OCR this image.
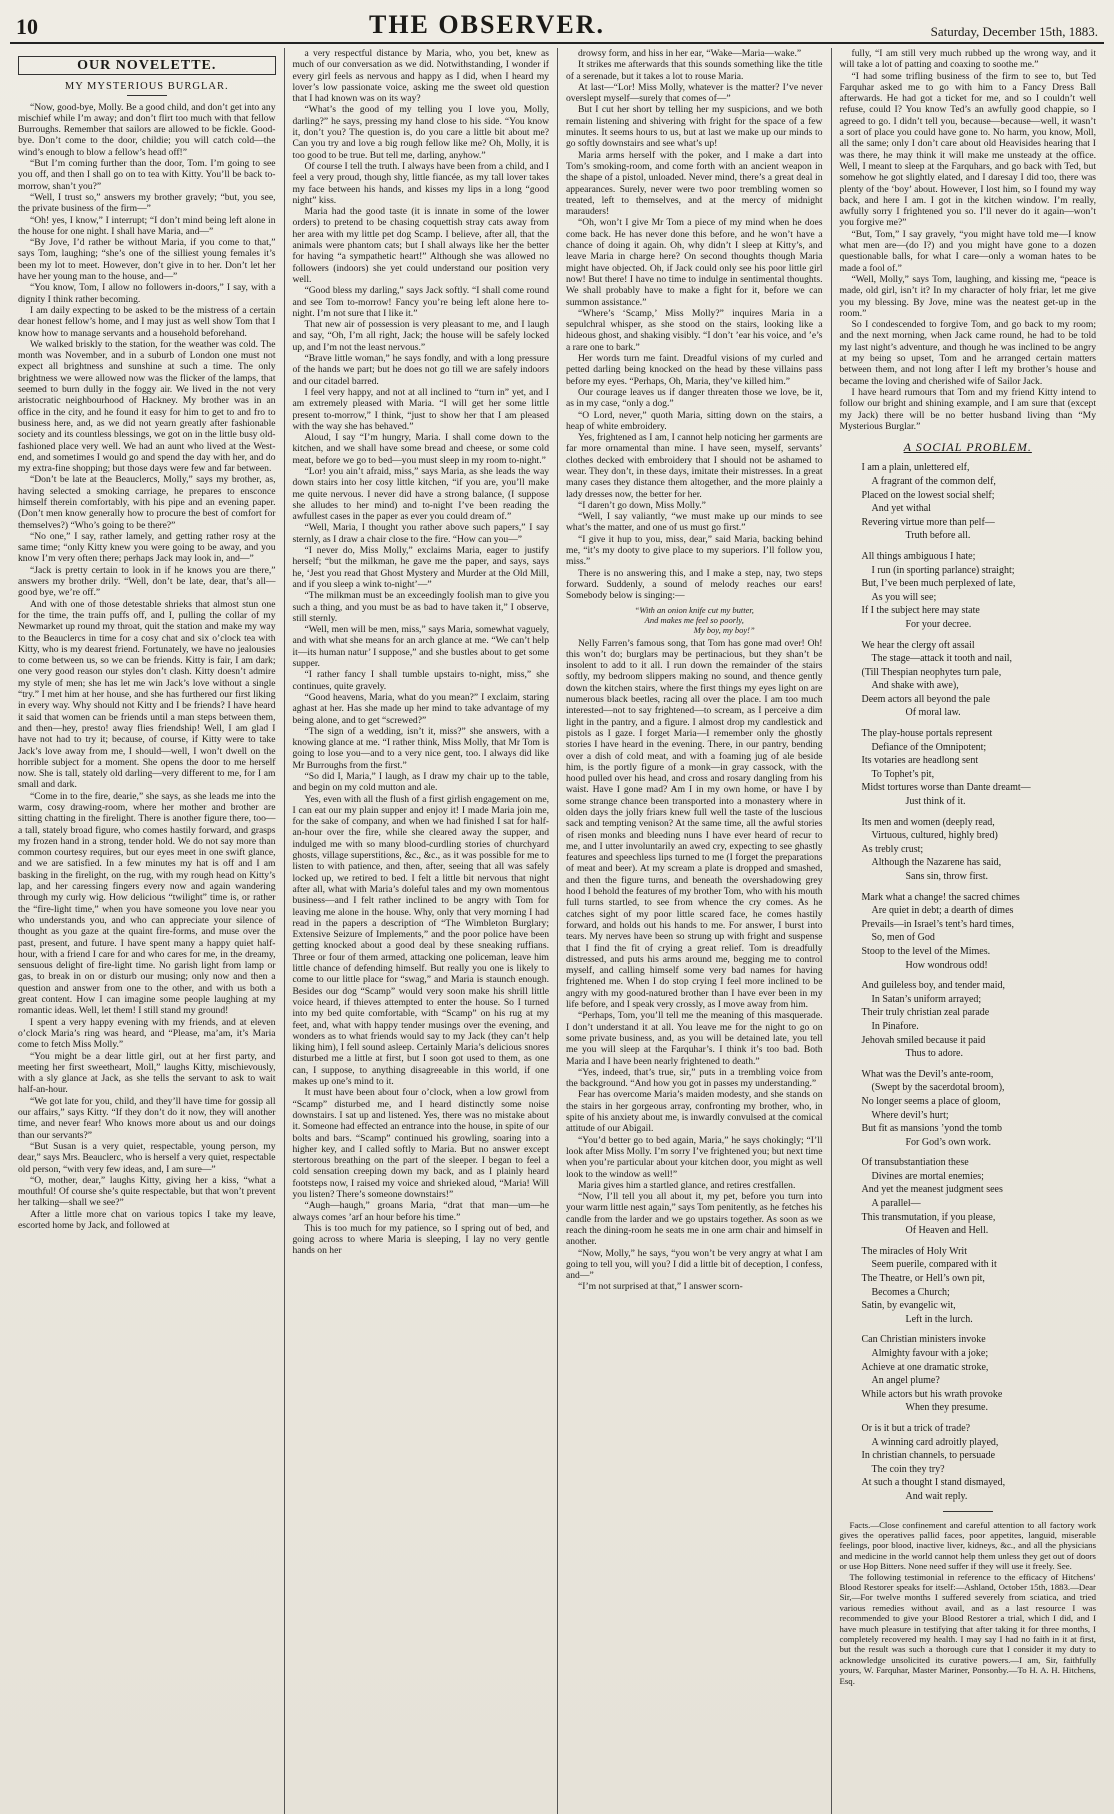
10	THE OBSERVER.	Saturday, December 15th, 1883.
OUR NOVELETTE.
MY MYSTERIOUS BURGLAR.

“Now, good-bye, Molly. Be a good child, and don’t get into any mischief while I’m away; and don’t flirt too much with that fellow Burroughs. Remember that sailors are allowed to be fickle. Good-bye. Don’t come to the door, childie; you will catch cold—the wind’s enough to blow a fellow’s head off!”

“But I’m coming further than the door, Tom. I’m going to see you off, and then I shall go on to tea with Kitty. You’ll be back to-morrow, shan’t you?”

“Well, I trust so,” answers my brother gravely; “but, you see, the private business of the firm—”

“Oh! yes, I know,” I interrupt; “I don’t mind being left alone in the house for one night. I shall have Maria, and—”

“By Jove, I’d rather be without Maria, if you come to that,” says Tom, laughing; “she’s one of the silliest young females it’s been my lot to meet. However, don’t give in to her. Don’t let her have her young man to the house, and—”

“You know, Tom, I allow no followers in-doors,” I say, with a dignity I think rather becoming.

I am daily expecting to be asked to be the mistress of a certain dear honest fellow’s home, and I may just as well show Tom that I know how to manage servants and a household beforehand.

We walked briskly to the station, for the weather was cold. The month was November, and in a suburb of London one must not expect all brightness and sunshine at such a time. The only brightness we were allowed now was the flicker of the lamps, that seemed to burn dully in the foggy air. We lived in the not very aristocratic neighbourhood of Hackney. My brother was in an office in the city, and he found it easy for him to get to and fro to business here, and, as we did not yearn greatly after fashionable society and its countless blessings, we got on in the little busy old-fashioned place very well. We had an aunt who lived at the West-end, and sometimes I would go and spend the day with her, and do my extra-fine shopping; but those days were few and far between.

“Don’t be late at the Beauclercs, Molly,” says my brother, as, having selected a smoking carriage, he prepares to ensconce himself therein comfortably, with his pipe and an evening paper. (Don’t men know generally how to procure the best of comfort for themselves?) “Who’s going to be there?”

“No one,” I say, rather lamely, and getting rather rosy at the same time; “only Kitty knew you were going to be away, and you know I’m very often there; perhaps Jack may look in, and—”

“Jack is pretty certain to look in if he knows you are there,” answers my brother drily. “Well, don’t be late, dear, that’s all—good bye, we’re off.”

And with one of those detestable shrieks that almost stun one for the time, the train puffs off, and I, pulling the collar of my Newmarket up round my throat, quit the station and make my way to the Beauclercs in time for a cosy chat and six o’clock tea with Kitty, who is my dearest friend. Fortunately, we have no jealousies to come between us, so we can be friends. Kitty is fair, I am dark; one very good reason our styles don’t clash. Kitty doesn’t admire my style of men; she has let me win Jack’s love without a single “try.” I met him at her house, and she has furthered our first liking in every way. Why should not Kitty and I be friends? I have heard it said that women can be friends until a man steps between them, and then—hey, presto! away flies friendship! Well, I am glad I have not had to try it; because, of course, if Kitty were to take Jack’s love away from me, I should—well, I won’t dwell on the horrible subject for a moment. She opens the door to me herself now. She is tall, stately old darling—very different to me, for I am small and dark.

“Come in to the fire, dearie,” she says, as she leads me into the warm, cosy drawing-room, where her mother and brother are sitting chatting in the firelight. There is another figure there, too—a tall, stately broad figure, who comes hastily forward, and grasps my frozen hand in a strong, tender hold. We do not say more than common courtesy requires, but our eyes meet in one swift glance, and we are satisfied. In a few minutes my hat is off and I am basking in the firelight, on the rug, with my rough head on Kitty’s lap, and her caressing fingers every now and again wandering through my curly wig. How delicious “twilight” time is, or rather the “fire-light time,” when you have someone you love near you who understands you, and who can appreciate your silence of thought as you gaze at the quaint fire-forms, and muse over the past, present, and future. I have spent many a happy quiet half-hour, with a friend I care for and who cares for me, in the dreamy, sensuous delight of fire-light time. No garish light from lamp or gas, to break in on or disturb our musing; only now and then a question and answer from one to the other, and with us both a great content. How I can imagine some people laughing at my romantic ideas. Well, let them! I still stand my ground!

I spent a very happy evening with my friends, and at eleven o’clock Maria’s ring was heard, and “Please, ma’am, it’s Maria come to fetch Miss Molly.”

“You might be a dear little girl, out at her first party, and meeting her first sweetheart, Moll,” laughs Kitty, mischievously, with a sly glance at Jack, as she tells the servant to ask to wait half-an-hour.

“We got late for you, child, and they’ll have time for gossip all our affairs,” says Kitty. “If they don’t do it now, they will another time, and never fear! Who knows more about us and our doings than our servants?”

“But Susan is a very quiet, respectable, young person, my dear,” says Mrs. Beauclerc, who is herself a very quiet, respectable old person, “with very few ideas, and, I am sure—”

“O, mother, dear,” laughs Kitty, giving her a kiss, “what a mouthful! Of course she’s quite respectable, but that won’t prevent her talking—shall we see?”

After a little more chat on various topics I take my leave, escorted home by Jack, and followed at

a very respectful distance by Maria, who, you bet, knew as much of our conversation as we did. Notwithstanding, I wonder if every girl feels as nervous and happy as I did, when I heard my lover’s low passionate voice, asking me the sweet old question that I had known was on its way?

“What’s the good of my telling you I love you, Molly, darling?” he says, pressing my hand close to his side. “You know it, don’t you? The question is, do you care a little bit about me? Can you try and love a big rough fellow like me? Oh, Molly, it is too good to be true. But tell me, darling, anyhow.”

Of course I tell the truth. I always have been from a child, and I feel a very proud, though shy, little fiancée, as my tall lover takes my face between his hands, and kisses my lips in a long “good night” kiss.

Maria had the good taste (it is innate in some of the lower orders) to pretend to be chasing coquettish stray cats away from her area with my little pet dog Scamp. I believe, after all, that the animals were phantom cats; but I shall always like her the better for having “a sympathetic heart!” Although she was allowed no followers (indoors) she yet could understand our position very well.

“Good bless my darling,” says Jack softly. “I shall come round and see Tom to-morrow! Fancy you’re being left alone here to-night. I’m not sure that I like it.”

That new air of possession is very pleasant to me, and I laugh and say, “Oh, I’m all right, Jack; the house will be safely locked up, and I’m not the least nervous.”

“Brave little woman,” he says fondly, and with a long pressure of the hands we part; but he does not go till we are safely indoors and our citadel barred.

I feel very happy, and not at all inclined to “turn in” yet, and I am extremely pleased with Maria. “I will get her some little present to-morrow,” I think, “just to show her that I am pleased with the way she has behaved.”

Aloud, I say “I’m hungry, Maria. I shall come down to the kitchen, and we shall have some bread and cheese, or some cold meat, before we go to bed—you must sleep in my room to-night.”

“Lor! you ain’t afraid, miss,” says Maria, as she leads the way down stairs into her cosy little kitchen, “if you are, you’ll make me quite nervous. I never did have a strong balance, (I suppose she alludes to her mind) and to-night I’ve been reading the awfullest cases in the paper as ever you could dream of.”

“Well, Maria, I thought you rather above such papers,” I say sternly, as I draw a chair close to the fire. “How can you—”

“I never do, Miss Molly,” exclaims Maria, eager to justify herself; “but the milkman, he gave me the paper, and says, says he, ‘Jest you read that Ghost Mystery and Murder at the Old Mill, and if you sleep a wink to-night’—”

“The milkman must be an exceedingly foolish man to give you such a thing, and you must be as bad to have taken it,” I observe, still sternly.

“Well, men will be men, miss,” says Maria, somewhat vaguely, and with what she means for an arch glance at me. “We can’t help it—its human natur’ I suppose,” and she bustles about to get some supper.

“I rather fancy I shall tumble upstairs to-night, miss,” she continues, quite gravely.

“Good heavens, Maria, what do you mean?” I exclaim, staring aghast at her. Has she made up her mind to take advantage of my being alone, and to get “screwed?”

“The sign of a wedding, isn’t it, miss?” she answers, with a knowing glance at me. “I rather think, Miss Molly, that Mr Tom is going to lose you—and to a very nice gent, too. I always did like Mr Burroughs from the first.”

“So did I, Maria,” I laugh, as I draw my chair up to the table, and begin on my cold mutton and ale.

Yes, even with all the flush of a first girlish engagement on me, I can eat our my plain supper and enjoy it! I made Maria join me, for the sake of company, and when we had finished I sat for half-an-hour over the fire, while she cleared away the supper, and indulged me with so many blood-curdling stories of churchyard ghosts, village superstitions, &c., &c., as it was possible for me to listen to with patience, and then, after, seeing that all was safely locked up, we retired to bed. I felt a little bit nervous that night after all, what with Maria’s doleful tales and my own momentous business—and I felt rather inclined to be angry with Tom for leaving me alone in the house. Why, only that very morning I had read in the papers a description of “The Wimbleton Burglary; Extensive Seizure of Implements,” and the poor police have been getting knocked about a good deal by these sneaking ruffians. Three or four of them armed, attacking one policeman, leave him little chance of defending himself. But really you one is likely to come to our little place for “swag,” and Maria is staunch enough. Besides our dog “Scamp” would very soon make his shrill little voice heard, if thieves attempted to enter the house. So I turned into my bed quite comfortable, with “Scamp” on his rug at my feet, and, what with happy tender musings over the evening, and wonders as to what friends would say to my Jack (they can’t help liking him), I fell sound asleep. Certainly Maria’s delicious snores disturbed me a little at first, but I soon got used to them, as one can, I suppose, to anything disagreeable in this world, if one makes up one’s mind to it.

It must have been about four o’clock, when a low growl from “Scamp” disturbed me, and I heard distinctly some noise downstairs. I sat up and listened. Yes, there was no mistake about it. Someone had effected an entrance into the house, in spite of our bolts and bars. “Scamp” continued his growling, soaring into a higher key, and I called softly to Maria. But no answer except stertorous breathing on the part of the sleeper. I began to feel a cold sensation creeping down my back, and as I plainly heard footsteps now, I raised my voice and shrieked aloud, “Maria! Will you listen? There’s someone downstairs!”

“Augh—haugh,” groans Maria, “drat that man—um—he always comes ’arf an hour before his time.”

This is too much for my patience, so I spring out of bed, and going across to where Maria is sleeping, I lay no very gentle hands on her

drowsy form, and hiss in her ear, “Wake—Maria—wake.”

It strikes me afterwards that this sounds something like the title of a serenade, but it takes a lot to rouse Maria.

At last—“Lor! Miss Molly, whatever is the matter? I’ve never overslept myself—surely that comes of—”

But I cut her short by telling her my suspicions, and we both remain listening and shivering with fright for the space of a few minutes. It seems hours to us, but at last we make up our minds to go softly downstairs and see what’s up!

Maria arms herself with the poker, and I make a dart into Tom’s smoking-room, and come forth with an ancient weapon in the shape of a pistol, unloaded. Never mind, there’s a great deal in appearances. Surely, never were two poor trembling women so treated, left to themselves, and at the mercy of midnight marauders!

“Oh, won’t I give Mr Tom a piece of my mind when he does come back. He has never done this before, and he won’t have a chance of doing it again. Oh, why didn’t I sleep at Kitty’s, and leave Maria in charge here? On second thoughts though Maria might have objected. Oh, if Jack could only see his poor little girl now! But there! I have no time to indulge in sentimental thoughts. We shall probably have to make a fight for it, before we can summon assistance.”

“Where’s ‘Scamp,’ Miss Molly?” inquires Maria in a sepulchral whisper, as she stood on the stairs, looking like a hideous ghost, and shaking visibly. “I don’t ’ear his voice, and ’e’s a rare one to bark.”

Her words turn me faint. Dreadful visions of my curled and petted darling being knocked on the head by these villains pass before my eyes. “Perhaps, Oh, Maria, they’ve killed him.”

Our courage leaves us if danger threaten those we love, be it, as in my case, “only a dog.”

“O Lord, never,” quoth Maria, sitting down on the stairs, a heap of white embroidery.

Yes, frightened as I am, I cannot help noticing her garments are far more ornamental than mine. I have seen, myself, servants’ clothes decked with embroidery that I should not be ashamed to wear. They don’t, in these days, imitate their mistresses. In a great many cases they distance them altogether, and the more plainly a lady dresses now, the better for her.

“I daren’t go down, Miss Molly.”

“Well, I say valiantly, “we must make up our minds to see what’s the matter, and one of us must go first.”

“I give it hup to you, miss, dear,” said Maria, backing behind me, “it’s my dooty to give place to my superiors. I’ll follow you, miss.”

There is no answering this, and I make a step, nay, two steps forward. Suddenly, a sound of melody reaches our ears! Somebody below is singing:—

“With an onion knife cut my butter,
And makes me feel so poorly,
My boy, my boy!”

Nelly Farren’s famous song, that Tom has gone mad over! Oh! this won’t do; burglars may be pertinacious, but they shan’t be insolent to add to it all. I run down the remainder of the stairs softly, my bedroom slippers making no sound, and thence gently down the kitchen stairs, where the first things my eyes light on are numerous black beetles, racing all over the place. I am too much interested—not to say frightened—to scream, as I perceive a dim light in the pantry, and a figure. I almost drop my candlestick and pistols as I gaze. I forget Maria—I remember only the ghostly stories I have heard in the evening. There, in our pantry, bending over a dish of cold meat, and with a foaming jug of ale beside him, is the portly figure of a monk—in gray cassock, with the hood pulled over his head, and cross and rosary dangling from his waist. Have I gone mad? Am I in my own home, or have I by some strange chance been transported into a monastery where in olden days the jolly friars knew full well the taste of the luscious sack and tempting venison? At the same time, all the awful stories of risen monks and bleeding nuns I have ever heard of recur to me, and I utter involuntarily an awed cry, expecting to see ghastly features and speechless lips turned to me (I forget the preparations of meat and beer). At my scream a plate is dropped and smashed, and then the figure turns, and beneath the overshadowing grey hood I behold the features of my brother Tom, who with his mouth full turns startled, to see from whence the cry comes. As he catches sight of my poor little scared face, he comes hastily forward, and holds out his hands to me. For answer, I burst into tears. My nerves have been so strung up with fright and suspense that I find the fit of crying a great relief. Tom is dreadfully distressed, and puts his arms around me, begging me to control myself, and calling himself some very bad names for having frightened me. When I do stop crying I feel more inclined to be angry with my good-natured brother than I have ever been in my life before, and I speak very crossly, as I move away from him.

“Perhaps, Tom, you’ll tell me the meaning of this masquerade. I don’t understand it at all. You leave me for the night to go on some private business, and, as you will be detained late, you tell me you will sleep at the Farquhar’s. I think it’s too bad. Both Maria and I have been nearly frightened to death.”

“Yes, indeed, that’s true, sir,” puts in a trembling voice from the background. “And how you got in passes my understanding.”

Fear has overcome Maria’s maiden modesty, and she stands on the stairs in her gorgeous array, confronting my brother, who, in spite of his anxiety about me, is inwardly convulsed at the comical attitude of our Abigail.

“You’d better go to bed again, Maria,” he says chokingly; “I’ll look after Miss Molly. I’m sorry I’ve frightened you; but next time when you’re particular about your kitchen door, you might as well look to the window as well!”

Maria gives him a startled glance, and retires crestfallen.

“Now, I’ll tell you all about it, my pet, before you turn into your warm little nest again,” says Tom penitently, as he fetches his candle from the larder and we go upstairs together. As soon as we reach the dining-room he seats me in one arm chair and himself in another.

“Now, Molly,” he says, “you won’t be very angry at what I am going to tell you, will you? I did a little bit of deception, I confess, and—”

“I’m not surprised at that,” I answer scorn-

fully, “I am still very much rubbed up the wrong way, and it will take a lot of patting and coaxing to soothe me.”

“I had some trifling business of the firm to see to, but Ted Farquhar asked me to go with him to a Fancy Dress Ball afterwards. He had got a ticket for me, and so I couldn’t well refuse, could I? You know Ted’s an awfully good chappie, so I agreed to go. I didn’t tell you, because—because—well, it wasn’t a sort of place you could have gone to. No harm, you know, Moll, all the same; only I don’t care about old Heavisides hearing that I was there, he may think it will make me unsteady at the office. Well, I meant to sleep at the Farquhars, and go back with Ted, but somehow he got slightly elated, and I daresay I did too, there was plenty of the ‘boy’ about. However, I lost him, so I found my way back, and here I am. I got in the kitchen window. I’m really, awfully sorry I frightened you so. I’ll never do it again—won’t you forgive me?”

“But, Tom,” I say gravely, “you might have told me—I know what men are—(do I?) and you might have gone to a dozen questionable balls, for what I care—only a woman hates to be made a fool of.”

“Well, Molly,” says Tom, laughing, and kissing me, “peace is made, old girl, isn’t it? In my character of holy friar, let me give you my blessing. By Jove, mine was the neatest get-up in the room.”

So I condescended to forgive Tom, and go back to my room; and the next morning, when Jack came round, he had to be told my last night’s adventure, and though he was inclined to be angry at my being so upset, Tom and he arranged certain matters between them, and not long after I left my brother’s house and became the loving and cherished wife of Sailor Jack.

I have heard rumours that Tom and my friend Kitty intend to follow our bright and shining example, and I am sure that (except my Jack) there will be no better husband living than “My Mysterious Burglar.”

A SOCIAL PROBLEM.
I am a plain, unlettered elf,
A fragrant of the common delf,
Placed on the lowest social shelf;
And yet withal
Revering virtue more than pelf—
Truth before all.
All things ambiguous I hate;
I run (in sporting parlance) straight;
But, I’ve been much perplexed of late,
As you will see;
If I the subject here may state
For your decree.
We hear the clergy oft assail
The stage—attack it tooth and nail,
(Till Thespian neophytes turn pale,
And shake with awe),
Deem actors all beyond the pale
Of moral law.
The play-house portals represent
Defiance of the Omnipotent;
Its votaries are headlong sent
To Tophet’s pit,
Midst tortures worse than Dante dreamt—
Just think of it.
Its men and women (deeply read,
Virtuous, cultured, highly bred)
As trebly crust;
Although the Nazarene has said,
Sans sin, throw first.
Mark what a change! the sacred chimes
Are quiet in debt; a dearth of dimes
Prevails—in Israel’s tent’s hard times,
So, men of God
Stoop to the level of the Mimes.
How wondrous odd!
And guileless boy, and tender maid,
In Satan’s uniform arrayed;
Their truly christian zeal parade
In Pinafore.
Jehovah smiled because it paid
Thus to adore.
What was the Devil’s ante-room,
(Swept by the sacerdotal broom),
No longer seems a place of gloom,
Where devil’s hurt;
But fit as mansions ’yond the tomb
For God’s own work.
Of transubstantiation these
Divines are mortal enemies;
And yet the meanest judgment sees
A parallel—
This transmutation, if you please,
Of Heaven and Hell.
The miracles of Holy Writ
Seem puerile, compared with it
The Theatre, or Hell’s own pit,
Becomes a Church;
Satin, by evangelic wit,
Left in the lurch.
Can Christian ministers invoke
Almighty favour with a joke;
Achieve at one dramatic stroke,
An angel plume?
While actors but his wrath provoke
When they presume.
Or is it but a trick of trade?
A winning card adroitly played,
In christian channels, to persuade
The coin they try?
At such a thought I stand dismayed,
And wait reply.

Facts.—Close confinement and careful attention to all factory work gives the operatives pallid faces, poor appetites, languid, miserable feelings, poor blood, inactive liver, kidneys, &c., and all the physicians and medicine in the world cannot help them unless they get out of doors or use Hop Bitters. None need suffer if they will use it freely. See.

The following testimonial in reference to the efficacy of Hitchens’ Blood Restorer speaks for itself:—Ashland, October 15th, 1883.—Dear Sir,—For twelve months I suffered severely from sciatica, and tried various remedies without avail, and as a last resource I was recommended to give your Blood Restorer a trial, which I did, and I have much pleasure in testifying that after taking it for three months, I completely recovered my health. I may say I had no faith in it at first, but the result was such a thorough cure that I consider it my duty to acknowledge unsolicited its curative powers.—I am, Sir, faithfully yours, W. Farquhar, Master Mariner, Ponsonby.—To H. A. H. Hitchens, Esq.
